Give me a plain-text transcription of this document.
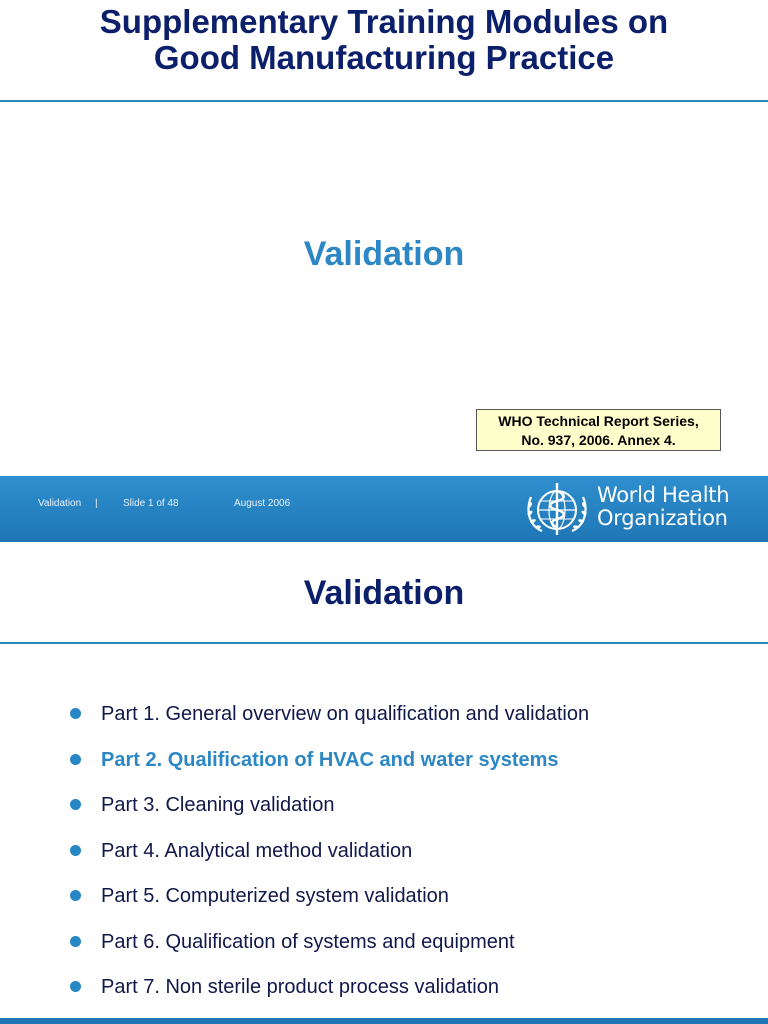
Supplementary Training Modules on
Good Manufacturing Practice
Validation
WHO Technical Report Series,
No. 937, 2006. Annex 4.
Validation |	Slide 1 of 48	August 2006	World Health
Organization
Validation
Part 1. General overview on qualification and validation
Part 2. Qualification of HVAC and water systems
Part 3. Cleaning validation
Part 4. Analytical method validation
Part 5. Computerized system validation
Part 6. Qualification of systems and equipment
Part 7. Non sterile product process validation
